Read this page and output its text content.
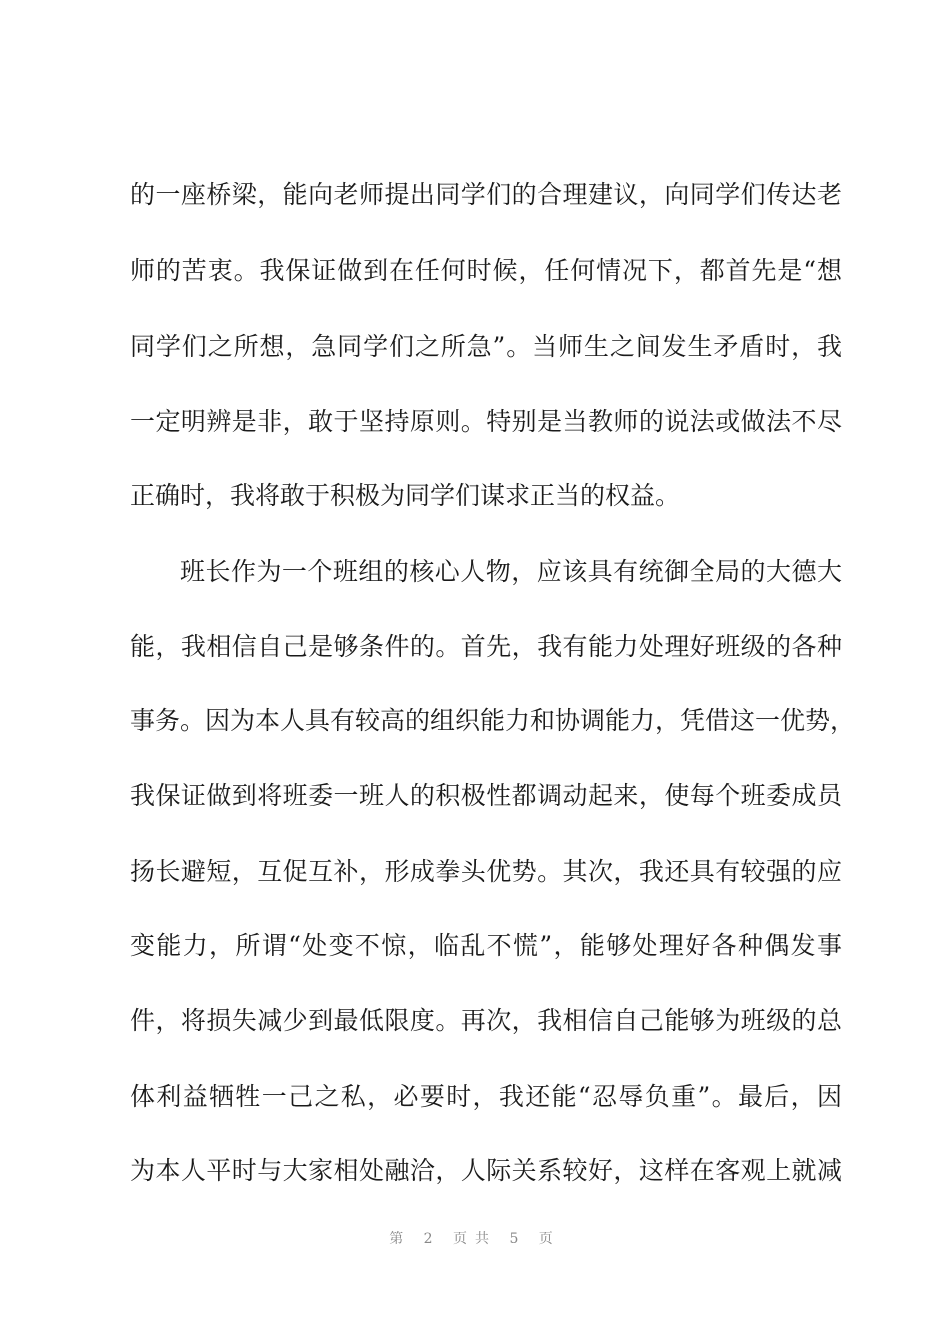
的一座桥梁，能向老师提出同学们的合理建议，向同学们传达老
师的苦衷。我保证做到在任何时候，任何情况下，都首先是“想
同学们之所想，急同学们之所急”。当师生之间发生矛盾时，我
一定明辨是非，敢于坚持原则。特别是当教师的说法或做法不尽
正确时，我将敢于积极为同学们谋求正当的权益。
班长作为一个班组的核心人物，应该具有统御全局的大德大
能，我相信自己是够条件的。首先，我有能力处理好班级的各种
事务。因为本人具有较高的组织能力和协调能力，凭借这一优势，
我保证做到将班委一班人的积极性都调动起来，使每个班委成员
扬长避短，互促互补，形成拳头优势。其次，我还具有较强的应
变能力，所谓“处变不惊，临乱不慌”，能够处理好各种偶发事
件，将损失减少到最低限度。再次，我相信自己能够为班级的总
体利益牺牲一己之私，必要时，我还能“忍辱负重”。最后，因
为本人平时与大家相处融洽，人际关系较好，这样在客观上就减
第 2 页共 5 页
